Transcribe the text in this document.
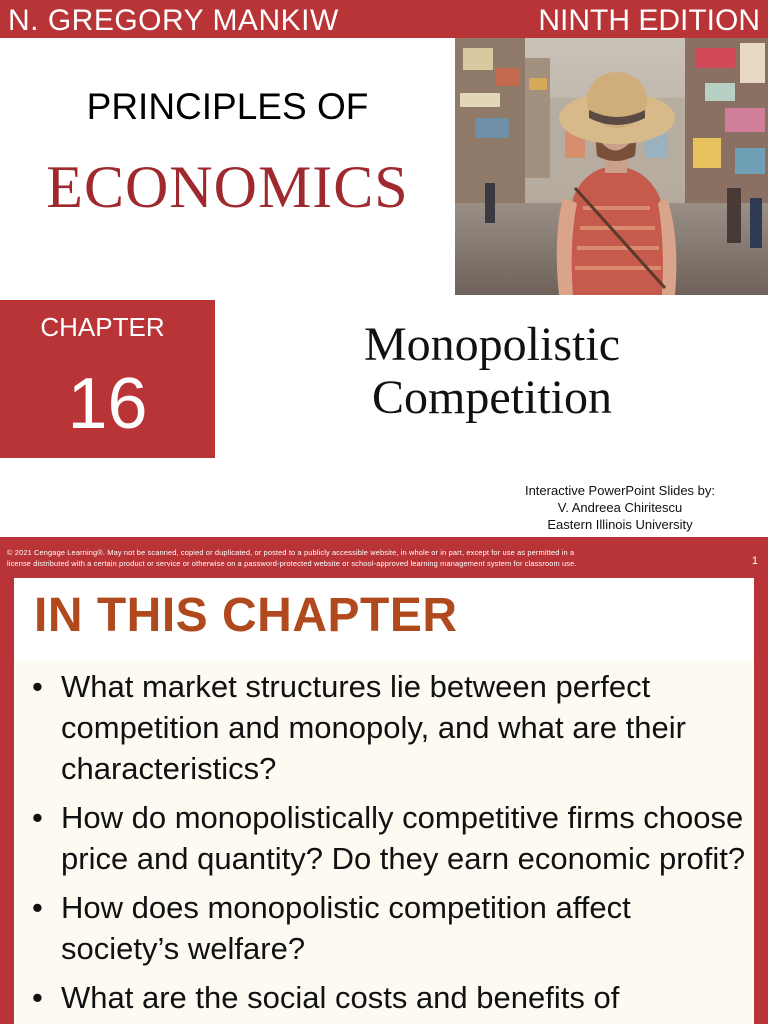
N. GREGORY MANKIW	NINTH EDITION
PRINCIPLES OF
ECONOMICS
CHAPTER
16
Monopolistic
Competition
Interactive PowerPoint Slides by:
V. Andreea Chiritescu
Eastern Illinois University
© 2021 Cengage Learning®. May not be scanned, copied or duplicated, or posted to a publicly accessible website, in whole or in part, except for use as permitted in a
license distributed with a certain product or service or otherwise on a password-protected website or school-approved learning management system for classroom use.	1
IN THIS CHAPTER
• What market structures lie between perfect competition and monopoly, and what are their characteristics?
• How do monopolistically competitive firms choose price and quantity? Do they earn economic profit?
• How does monopolistic competition affect society’s welfare?
• What are the social costs and benefits of
